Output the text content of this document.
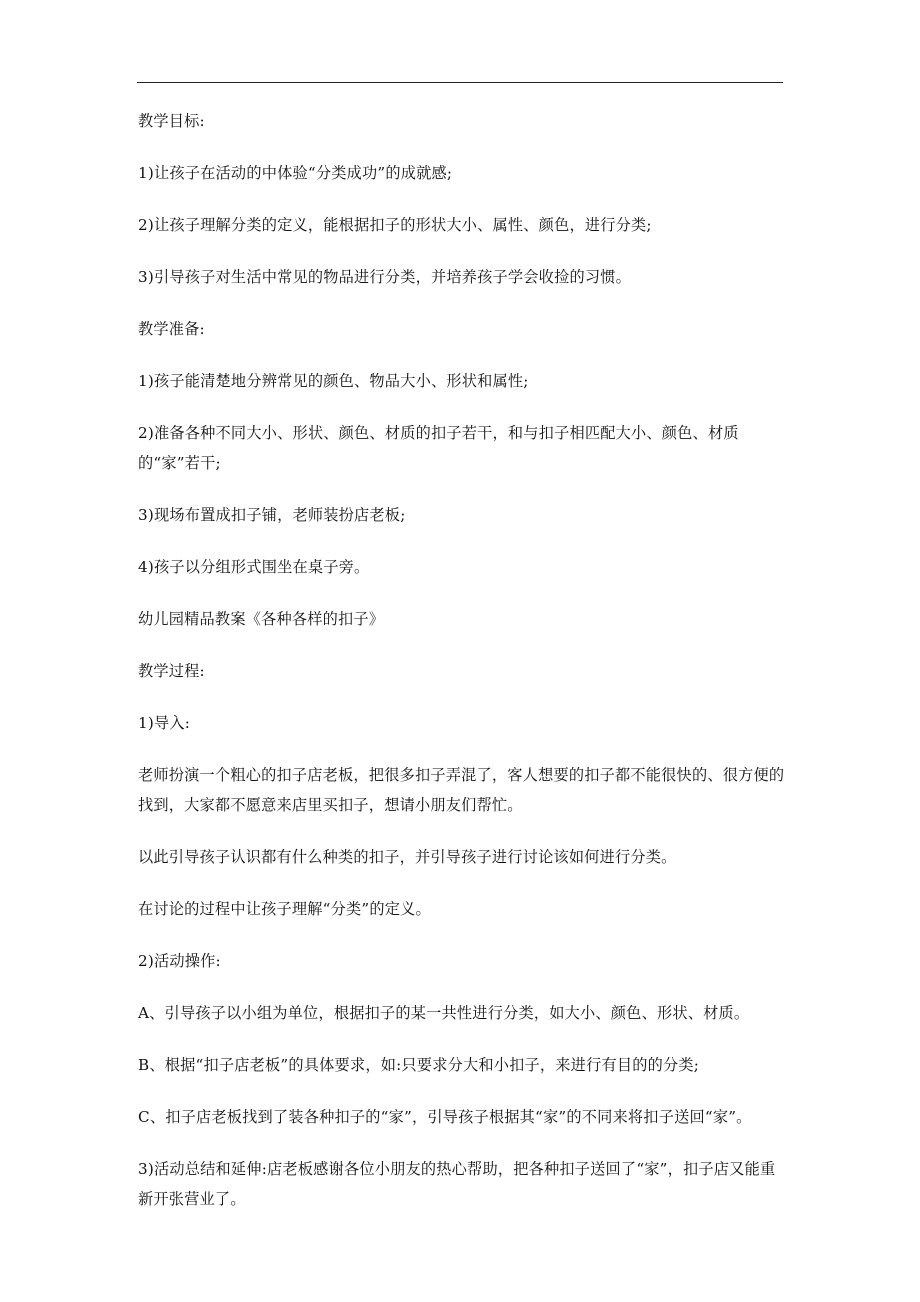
教学目标:

1)让孩子在活动的中体验“分类成功”的成就感;

2)让孩子理解分类的定义，能根据扣子的形状大小、属性、颜色，进行分类;

3)引导孩子对生活中常见的物品进行分类，并培养孩子学会收捡的习惯。

教学准备:

1)孩子能清楚地分辨常见的颜色、物品大小、形状和属性;

2)准备各种不同大小、形状、颜色、材质的扣子若干，和与扣子相匹配大小、颜色、材质的“家”若干;

3)现场布置成扣子铺，老师装扮店老板;

4)孩子以分组形式围坐在桌子旁。

幼儿园精品教案《各种各样的扣子》

教学过程:

1)导入:

老师扮演一个粗心的扣子店老板，把很多扣子弄混了，客人想要的扣子都不能很快的、很方便的找到，大家都不愿意来店里买扣子，想请小朋友们帮忙。

以此引导孩子认识都有什么种类的扣子，并引导孩子进行讨论该如何进行分类。

在讨论的过程中让孩子理解“分类”的定义。

2)活动操作:

A、引导孩子以小组为单位，根据扣子的某一共性进行分类，如大小、颜色、形状、材质。

B、根据“扣子店老板”的具体要求，如:只要求分大和小扣子，来进行有目的的分类;

C、扣子店老板找到了装各种扣子的“家”，引导孩子根据其“家”的不同来将扣子送回“家”。

3)活动总结和延伸:店老板感谢各位小朋友的热心帮助，把各种扣子送回了“家”，扣子店又能重新开张营业了。
